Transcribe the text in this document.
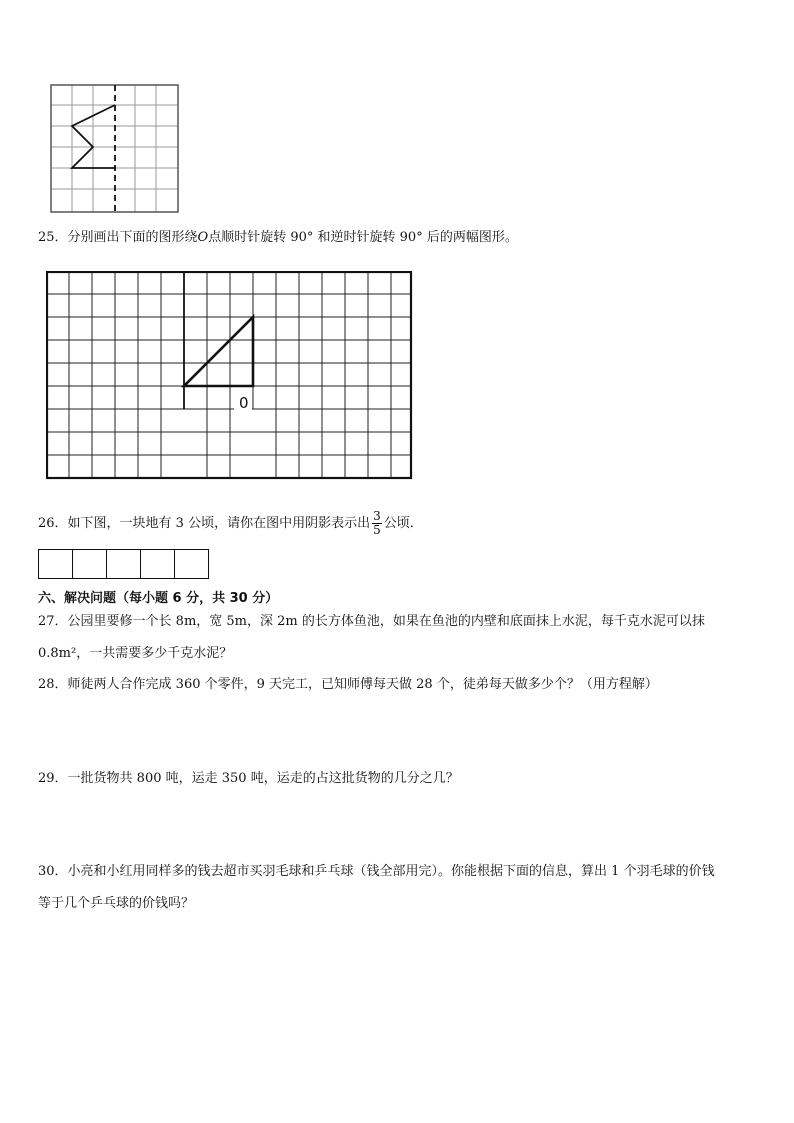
25．分别画出下面的图形绕O点顺时针旋转 90° 和逆时针旋转 90° 后的两幅图形。
0
26．如下图，一块地有 3 公顷，请你在图中用阴影表示出 $\frac{3}{5}$ 公顷．
六、解决问题（每小题 6 分，共 30 分）
27．公园里要修一个长 8m，宽 5m，深 2m 的长方体鱼池，如果在鱼池的内壁和底面抹上水泥，每千克水泥可以抹
0.8m²，一共需要多少千克水泥？
28．师徒两人合作完成 360 个零件，9 天完工，已知师傅每天做 28 个，徒弟每天做多少个？（用方程解）
29．一批货物共 800 吨，运走 350 吨，运走的占这批货物的几分之几？
30．小亮和小红用同样多的钱去超市买羽毛球和乒乓球（钱全部用完）。你能根据下面的信息，算出 1 个羽毛球的价钱
等于几个乒乓球的价钱吗？
